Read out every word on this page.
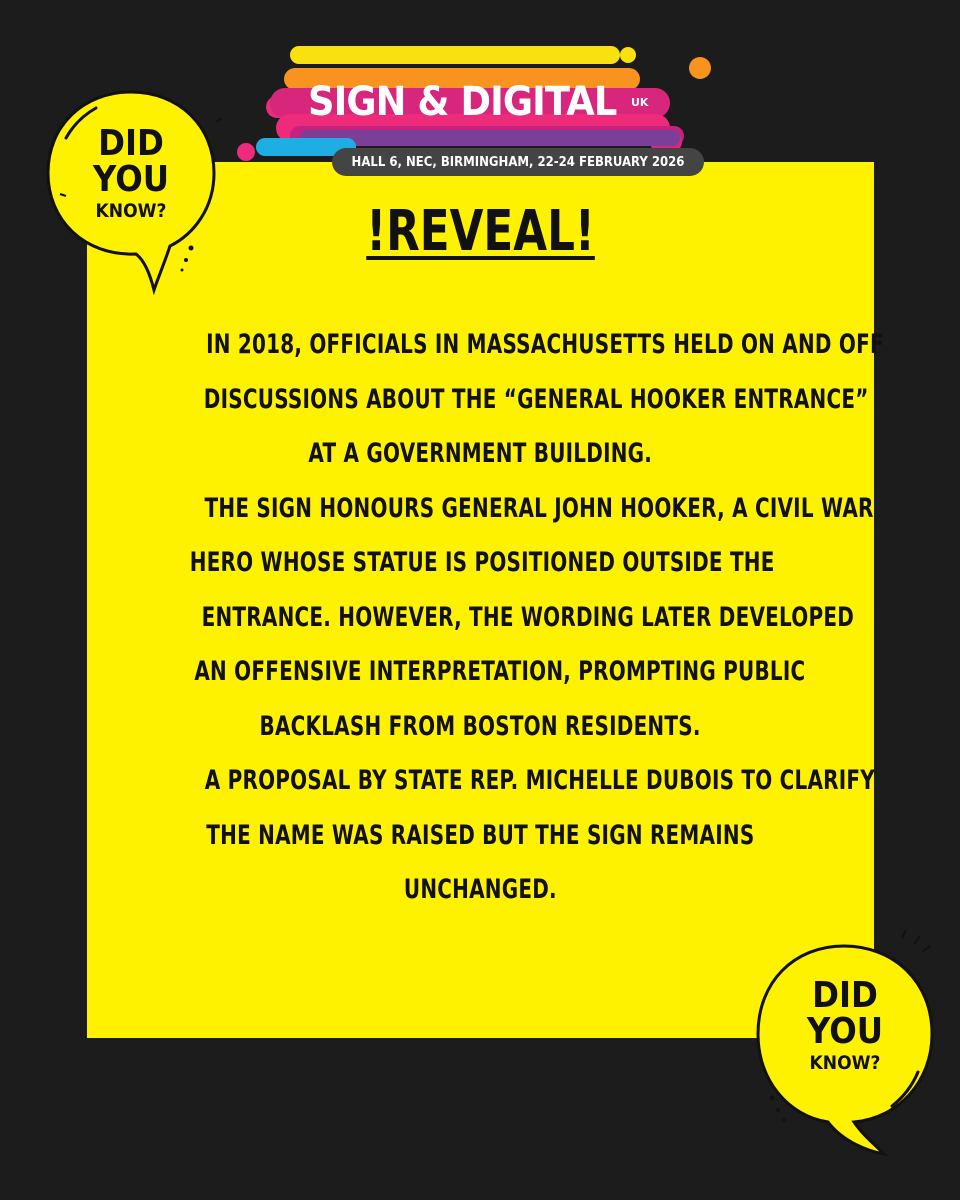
SIGN & DIGITAL	UK
HALL 6, NEC, BIRMINGHAM, 22-24 FEBRUARY 2026
DID
YOU
KNOW?	!REVEAL!
IN 2018, OFFICIALS IN MASSACHUSETTS HELD ON AND OFF
DISCUSSIONS ABOUT THE “GENERAL HOOKER ENTRANCE”
AT A GOVERNMENT BUILDING.
THE SIGN HONOURS GENERAL JOHN HOOKER, A CIVIL WAR
HERO WHOSE STATUE IS POSITIONED OUTSIDE THE
ENTRANCE. HOWEVER, THE WORDING LATER DEVELOPED
AN OFFENSIVE INTERPRETATION, PROMPTING PUBLIC
BACKLASH FROM BOSTON RESIDENTS.
A PROPOSAL BY STATE REP. MICHELLE DUBOIS TO CLARIFY
THE NAME WAS RAISED BUT THE SIGN REMAINS
UNCHANGED.
DID
YOU
KNOW?
